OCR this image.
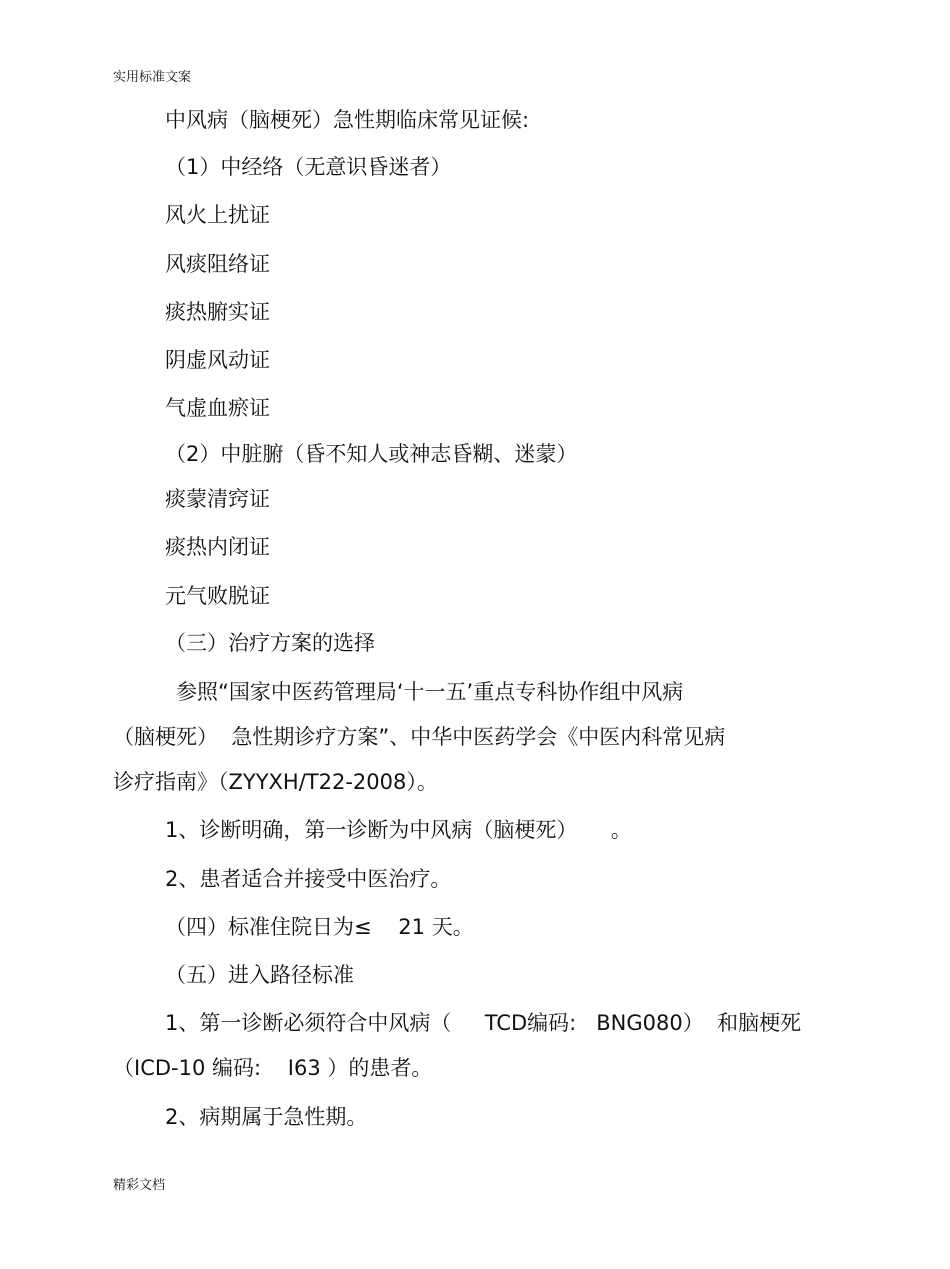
实用标准文案
中风病（脑梗死）急性期临床常见证候:
（1）中经络（无意识昏迷者）
风火上扰证
风痰阻络证
痰热腑实证
阴虚风动证
气虚血瘀证
（2）中脏腑（昏不知人或神志昏糊、迷蒙）
痰蒙清窍证
痰热内闭证
元气败脱证
（三）治疗方案的选择
参照“国家中医药管理局‘十一五’重点专科协作组中风病
（脑梗死）  急性期诊疗方案”、中华中医药学会《中医内科常见病
诊疗指南》（ZYYXH/T22-2008）。
1、诊断明确，第一诊断为中风病（脑梗死）     。
2、患者适合并接受中医治疗。
（四）标准住院日为≤    21 天。
（五）进入路径标准
1、第一诊断必须符合中风病（     TCD编码:   BNG080）  和脑梗死
（ICD-10 编码:    I63 ）的患者。
2、病期属于急性期。
精彩文档
